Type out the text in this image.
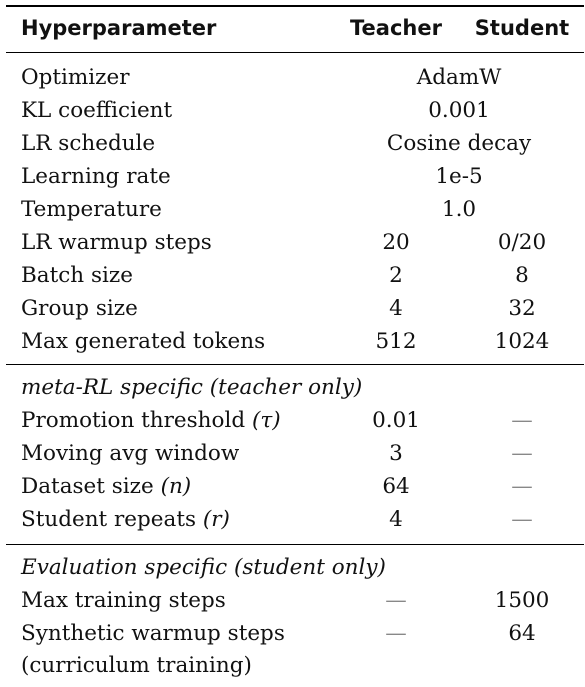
Hyperparameter	Teacher Student
Optimizer	AdamW
KL coefficient	0.001
LR schedule	Cosine decay
Learning rate	1e-5
Temperature	1.0
LR warmup steps	20	0/20
Batch size	2	8
Group size	4	32
Max generated tokens	512	1024
meta-RL specific (teacher only)
Promotion threshold (τ)	0.01	—
Moving avg window	3	—
Dataset size (n)	64	—
Student repeats (r)	4	—
Evaluation specific (student only)
Max training steps	—	1500
Synthetic warmup steps	—	64
(curriculum training)
